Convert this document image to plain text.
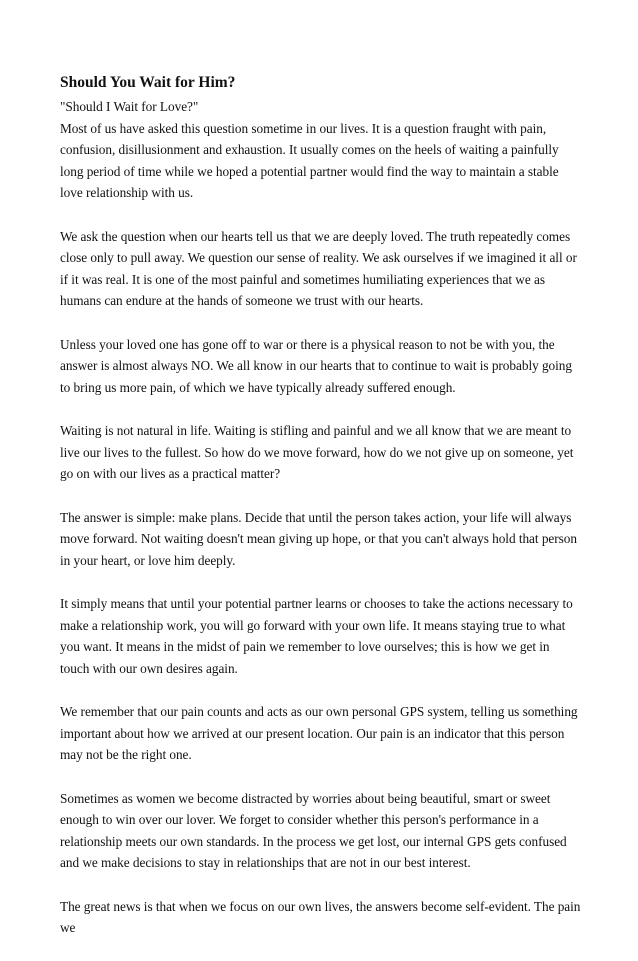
Should You Wait for Him?

"Should I Wait for Love?"

Most of us have asked this question sometime in our lives. It is a question fraught with pain, confusion, disillusionment and exhaustion. It usually comes on the heels of waiting a painfully long period of time while we hoped a potential partner would find the way to maintain a stable love relationship with us.

We ask the question when our hearts tell us that we are deeply loved. The truth repeatedly comes close only to pull away. We question our sense of reality. We ask ourselves if we imagined it all or if it was real. It is one of the most painful and sometimes humiliating experiences that we as humans can endure at the hands of someone we trust with our hearts.

Unless your loved one has gone off to war or there is a physical reason to not be with you, the answer is almost always NO. We all know in our hearts that to continue to wait is probably going to bring us more pain, of which we have typically already suffered enough.

Waiting is not natural in life. Waiting is stifling and painful and we all know that we are meant to live our lives to the fullest. So how do we move forward, how do we not give up on someone, yet go on with our lives as a practical matter?

The answer is simple: make plans. Decide that until the person takes action, your life will always move forward. Not waiting doesn't mean giving up hope, or that you can't always hold that person in your heart, or love him deeply.

It simply means that until your potential partner learns or chooses to take the actions necessary to make a relationship work, you will go forward with your own life. It means staying true to what you want. It means in the midst of pain we remember to love ourselves; this is how we get in touch with our own desires again.

We remember that our pain counts and acts as our own personal GPS system, telling us something important about how we arrived at our present location. Our pain is an indicator that this person may not be the right one.

Sometimes as women we become distracted by worries about being beautiful, smart or sweet enough to win over our lover. We forget to consider whether this person's performance in a relationship meets our own standards. In the process we get lost, our internal GPS gets confused and we make decisions to stay in relationships that are not in our best interest.

The great news is that when we focus on our own lives, the answers become self-evident. The pain we
